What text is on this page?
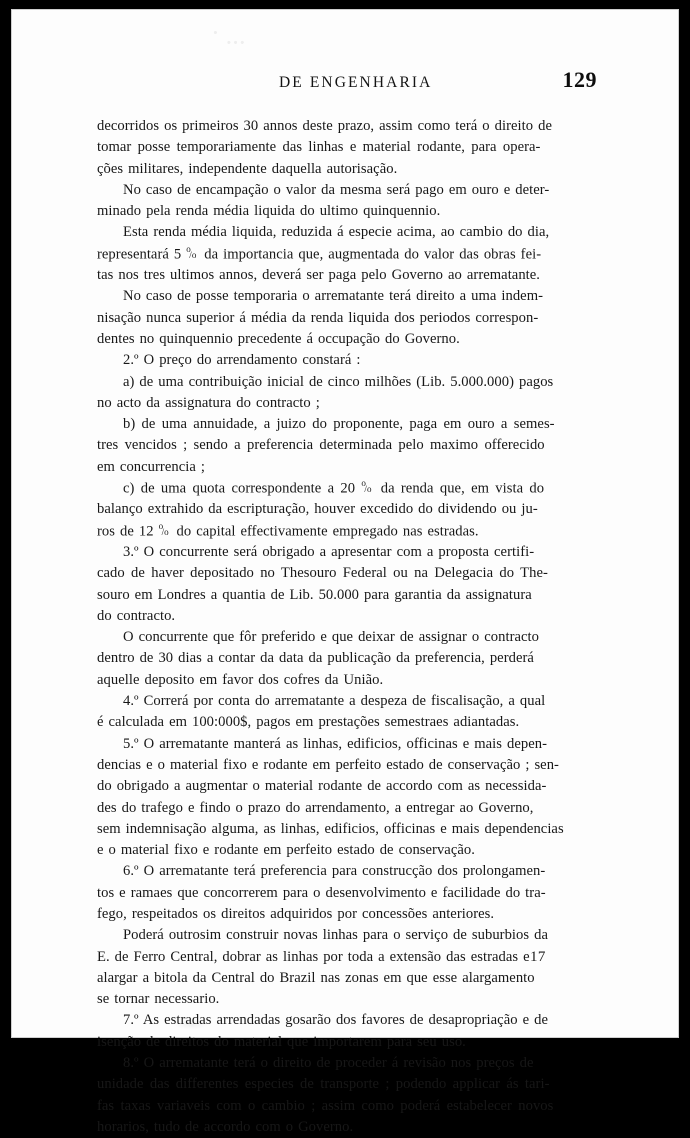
DE ENGENHARIA	129
decorridos os primeiros 30 annos deste prazo, assim como terá o direito de
tomar posse temporariamente das linhas e material rodante, para opera-
ções militares, independente daquella autorisação.
No caso de encampação o valor da mesma será pago em ouro e deter-
minado pela renda média liquida do ultimo quinquennio.
Esta renda média liquida, reduzida á especie acima, ao cambio do dia,
representará 5 o
/o da importancia que, augmentada do valor das obras fei-
tas nos tres ultimos annos, deverá ser paga pelo Governo ao arrematante.
No caso de posse temporaria o arrematante terá direito a uma indem-
nisação nunca superior á média da renda liquida dos periodos correspon-
dentes no quinquennio precedente á occupação do Governo.
2.º O preço do arrendamento constará :
a) de uma contribuição inicial de cinco milhões (Lib. 5.000.000) pagos
no acto da assignatura do contracto ;
b) de uma annuidade, a juizo do proponente, paga em ouro a semes-
tres vencidos ; sendo a preferencia determinada pelo maximo offerecido
em concurrencia ;
c) de uma quota correspondente a 20 o
/o da renda que, em vista do
balanço extrahido da escripturação, houver excedido do dividendo ou ju-
ros de 12 o
/o do capital effectivamente empregado nas estradas.
3.º O concurrente será obrigado a apresentar com a proposta certifi-
cado de haver depositado no Thesouro Federal ou na Delegacia do The-
souro em Londres a quantia de Lib. 50.000 para garantia da assignatura
do contracto.
O concurrente que fôr preferido e que deixar de assignar o contracto
dentro de 30 dias a contar da data da publicação da preferencia, perderá
aquelle deposito em favor dos cofres da União.
4.º Correrá por conta do arrematante a despeza de fiscalisação, a qual
é calculada em 100:000$, pagos em prestações semestraes adiantadas.
5.º O arrematante manterá as linhas, edificios, officinas e mais depen-
dencias e o material fixo e rodante em perfeito estado de conservação ; sen-
do obrigado a augmentar o material rodante de accordo com as necessida-
des do trafego e findo o prazo do arrendamento, a entregar ao Governo,
sem indemnisação alguma, as linhas, edificios, officinas e mais dependencias
e o material fixo e rodante em perfeito estado de conservação.
6.º O arrematante terá preferencia para construcção dos prolongamen-
tos e ramaes que concorrerem para o desenvolvimento e facilidade do tra-
fego, respeitados os direitos adquiridos por concessões anteriores.
Poderá outrosim construir novas linhas para o serviço de suburbios da
E. de Ferro Central, dobrar as linhas por toda a extensão das estradas e
alargar a bitola da Central do Brazil nas zonas em que esse alargamento
se tornar necessario.
7.º As estradas arrendadas gosarão dos favores de desapropriação e de
isenção de direitos do material que importarem para seu uso.
8.º O arrematante terá o direito de proceder á revisão nos preços de
unidade das differentes especies de transporte ; podendo applicar ás tari-
fas taxas variaveis com o cambio ; assim como poderá estabelecer novos
horarios, tudo de accordo com o Governo.
17
